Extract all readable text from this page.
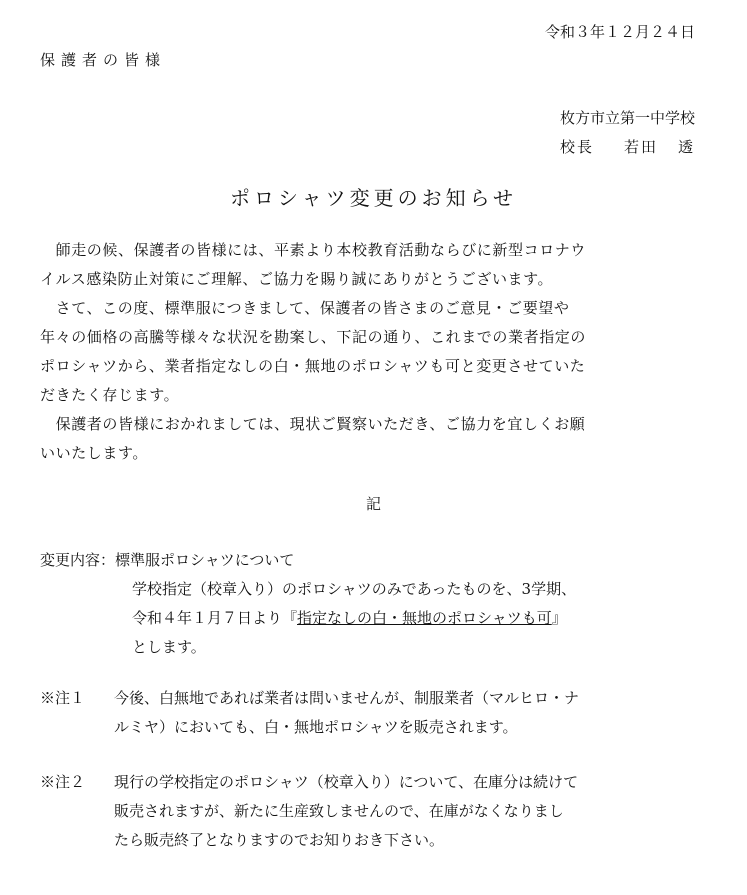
令和３年１２月２４日
保護者の皆様
枚方市立第一中学校
校長 若田 透
ポロシャツ変更のお知らせ
　師走の候、保護者の皆様には、平素より本校教育活動ならびに新型コロナウ
イルス感染防止対策にご理解、ご協力を賜り誠にありがとうございます。
　さて、この度、標準服につきまして、保護者の皆さまのご意見・ご要望や
年々の価格の高騰等様々な状況を勘案し、下記の通り、これまでの業者指定の
ポロシャツから、業者指定なしの白・無地のポロシャツも可と変更させていた
だきたく存じます。
　保護者の皆様におかれましては、現状ご賢察いただき、ご協力を宜しくお願
いいたします。
記
変更内容：標準服ポロシャツについて
学校指定（校章入り）のポロシャツのみであったものを、3学期、
令和４年１月７日より『指定なしの白・無地のポロシャツも可』
とします。
※注１ 今後、白無地であれば業者は問いませんが、制服業者（マルヒロ・ナ
ルミヤ）においても、白・無地ポロシャツを販売されます。
※注２ 現行の学校指定のポロシャツ（校章入り）について、在庫分は続けて
販売されますが、新たに生産致しませんので、在庫がなくなりまし
たら販売終了となりますのでお知りおき下さい。
